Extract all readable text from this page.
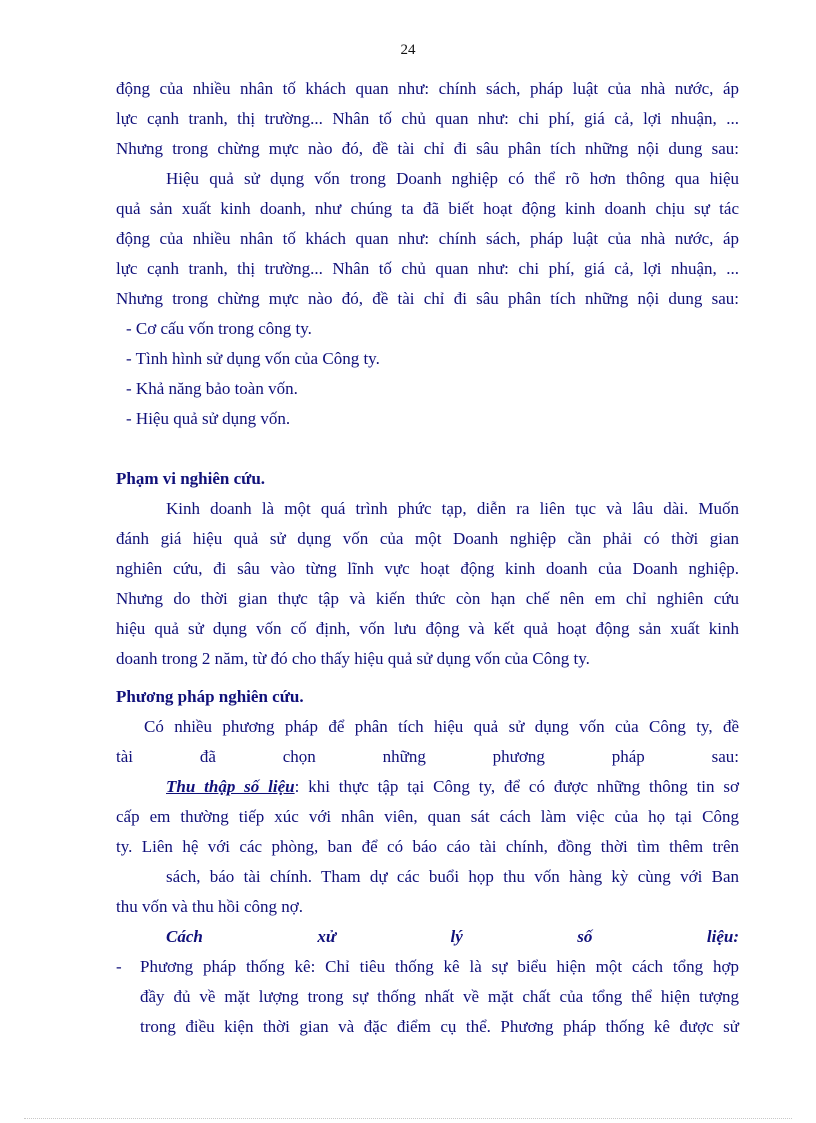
24

động của nhiều nhân tố khách quan như: chính sách, pháp luật của nhà nước, áp

lực cạnh tranh, thị trường... Nhân tố chủ quan như: chi phí, giá cả, lợi nhuận, ...

Nhưng trong chừng mực nào đó, đề tài chỉ đi sâu phân tích những nội dung sau:

Hiệu quả sử dụng vốn trong Doanh nghiệp có thể rõ hơn thông qua hiệu

quả sản xuất kinh doanh, như chúng ta đã biết hoạt động kinh doanh chịu sự tác

động của nhiều nhân tố khách quan như: chính sách, pháp luật của nhà nước, áp

lực cạnh tranh, thị trường... Nhân tố chủ quan như: chi phí, giá cả, lợi nhuận, ...

Nhưng trong chừng mực nào đó, đề tài chỉ đi sâu phân tích những nội dung sau:

- Cơ cấu vốn trong công ty.

- Tình hình sử dụng vốn của Công ty.

- Khả năng bảo toàn vốn.

- Hiệu quả sử dụng vốn.

Phạm vi nghiên cứu.

Kinh doanh là một quá trình phức tạp, diễn ra liên tục và lâu dài. Muốn

đánh giá hiệu quả sử dụng vốn của một Doanh nghiệp cần phải có thời gian

nghiên cứu, đi sâu vào từng lĩnh vực hoạt động kinh doanh của Doanh nghiệp.

Nhưng do thời gian thực tập và kiến thức còn hạn chế nên em chỉ nghiên cứu

hiệu quả sử dụng vốn cố định, vốn lưu động và kết quả hoạt động sản xuất kinh

doanh trong 2 năm, từ đó cho thấy hiệu quả sử dụng vốn của Công ty.

Phương pháp nghiên cứu.

Có nhiều phương pháp để phân tích hiệu quả sử dụng vốn của Công ty, đề

tài đã chọn những phương pháp sau:

Thu thập số liệu: khi thực tập tại Công ty, để có được những thông tin sơ

cấp em thường tiếp xúc với nhân viên, quan sát cách làm việc của họ tại Công

ty. Liên hệ với các phòng, ban để có báo cáo tài chính, đồng thời tìm thêm trên

sách, báo tài chính. Tham dự các buổi họp thu vốn hàng kỳ cùng với Ban

thu vốn và thu hồi công nợ.

Cách xử lý số liệu:

- Phương pháp thống kê: Chỉ tiêu thống kê là sự biểu hiện một cách tổng hợp

đầy đủ về mặt lượng trong sự thống nhất về mặt chất của tổng thể hiện tượng

trong điều kiện thời gian và đặc điểm cụ thể. Phương pháp thống kê được sử
